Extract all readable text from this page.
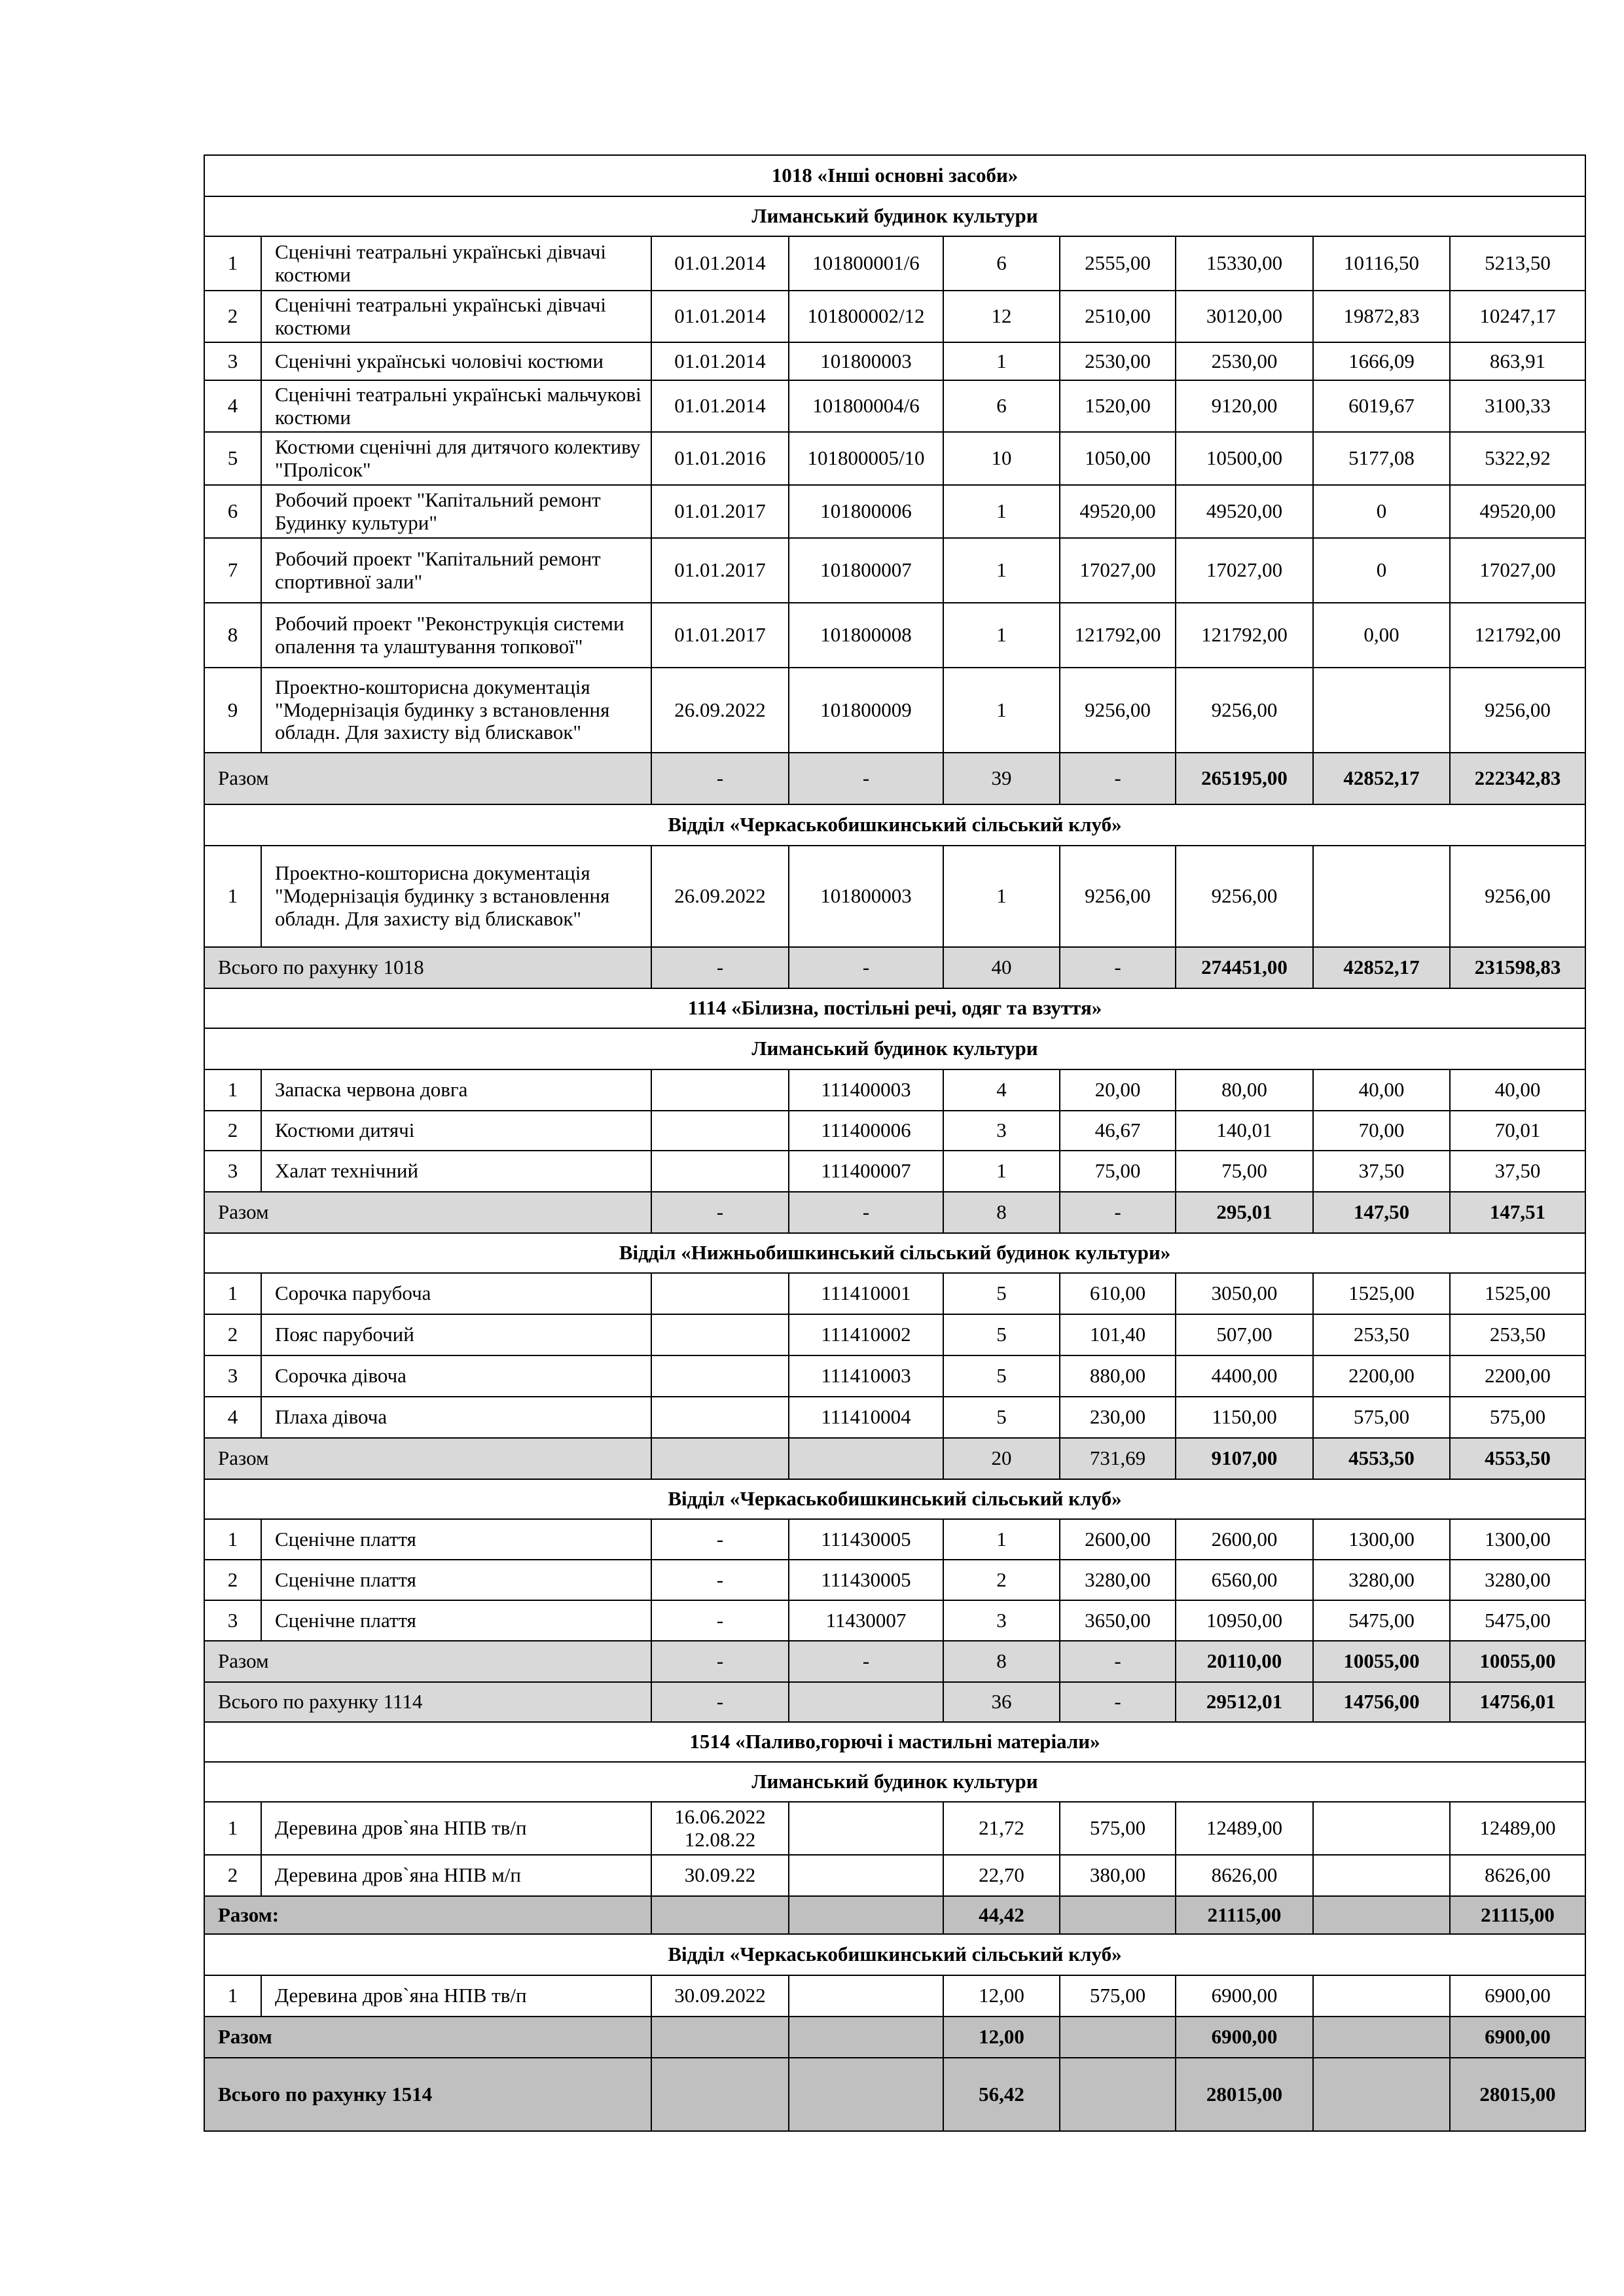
1018 «Інші основні засоби»								
Лиманський будинок культури								
1	Сценічні театральні українські дівчачі костюми	01.01.2014	101800001/6	6	2555,00	15330,00	10116,50	5213,50
2	Сценічні театральні українські дівчачі костюми	01.01.2014	101800002/12	12	2510,00	30120,00	19872,83	10247,17
3	Сценічні українські чоловічі костюми	01.01.2014	101800003	1	2530,00	2530,00	1666,09	863,91
4	Сценічні театральні українські мальчукові костюми	01.01.2014	101800004/6	6	1520,00	9120,00	6019,67	3100,33
5	Костюми сценічні для дитячого колективу "Пролісок"	01.01.2016	101800005/10	10	1050,00	10500,00	5177,08	5322,92
6	Робочий проект "Капітальний ремонт Будинку культури"	01.01.2017	101800006	1	49520,00	49520,00	0	49520,00
7	Робочий проект "Капітальний ремонт спортивної зали"	01.01.2017	101800007	1	17027,00	17027,00	0	17027,00
8	Робочий проект "Реконструкція системи опалення та улаштування топкової"	01.01.2017	101800008	1	121792,00	121792,00	0,00	121792,00
9	Проектно-кошторисна документація "Модернізація будинку з встановлення обладн. Для захисту від блискавок"	26.09.2022	101800009	1	9256,00	9256,00		9256,00
Разом		-	-	39	-	265195,00	42852,17	222342,83
Відділ «Черкаськобишкинський сільський клуб»								
1	Проектно-кошторисна документація "Модернізація будинку з встановлення обладн. Для захисту від блискавок"	26.09.2022	101800003	1	9256,00	9256,00		9256,00
Всього по рахунку 1018		-	-	40	-	274451,00	42852,17	231598,83
1114 «Білизна, постільні речі, одяг та взуття»								
Лиманський будинок культури								
1	Запаска червона довга		111400003	4	20,00	80,00	40,00	40,00
2	Костюми дитячі		111400006	3	46,67	140,01	70,00	70,01
3	Халат технічний		111400007	1	75,00	75,00	37,50	37,50
Разом		-	-	8	-	295,01	147,50	147,51
Відділ «Нижньобишкинський сільський будинок культури»								
1	Сорочка парубоча		111410001	5	610,00	3050,00	1525,00	1525,00
2	Пояс парубочий		111410002	5	101,40	507,00	253,50	253,50
3	Сорочка дівоча		111410003	5	880,00	4400,00	2200,00	2200,00
4	Плаха дівоча		111410004	5	230,00	1150,00	575,00	575,00
Разом				20	731,69	9107,00	4553,50	4553,50
Відділ «Черкаськобишкинський сільський клуб»								
1	Сценічне плаття	-	111430005	1	2600,00	2600,00	1300,00	1300,00
2	Сценічне плаття	-	111430005	2	3280,00	6560,00	3280,00	3280,00
3	Сценічне плаття	-	11430007	3	3650,00	10950,00	5475,00	5475,00
Разом		-	-	8	-	20110,00	10055,00	10055,00
Всього по рахунку 1114		-		36	-	29512,01	14756,00	14756,01
1514 «Паливо,горючі і мастильні матеріали»								
Лиманський будинок культури								
1	Деревина дров`яна НПВ тв/п	16.06.2022 12.08.22		21,72	575,00	12489,00		12489,00
2	Деревина дров`яна НПВ м/п	30.09.22		22,70	380,00	8626,00		8626,00
Разом:				44,42		21115,00		21115,00
Відділ «Черкаськобишкинський сільський клуб»								
1	Деревина дров`яна НПВ тв/п	30.09.2022		12,00	575,00	6900,00		6900,00
Разом				12,00		6900,00		6900,00
Всього по рахунку 1514				56,42		28015,00		28015,00
